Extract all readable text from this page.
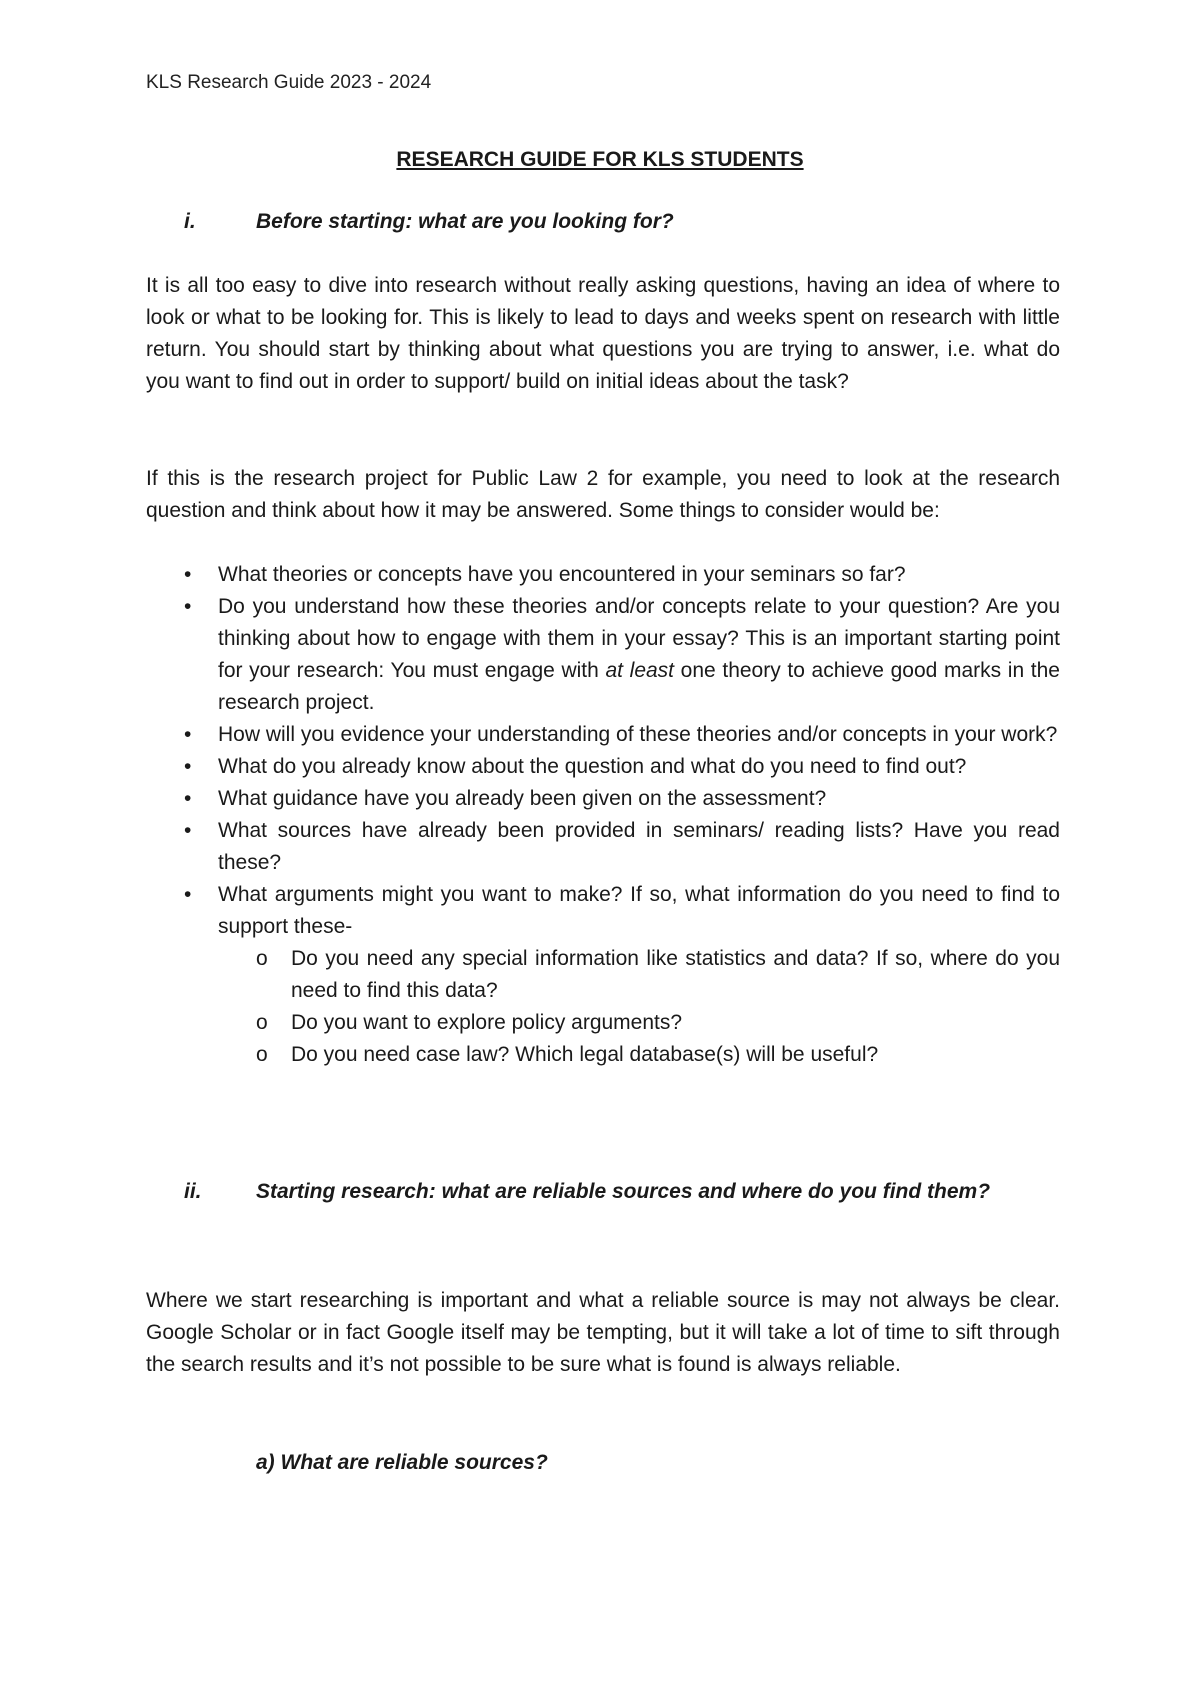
KLS Research Guide 2023 - 2024
RESEARCH GUIDE FOR KLS STUDENTS
i.	Before starting: what are you looking for?
It is all too easy to dive into research without really asking questions, having an idea of where to look or what to be looking for. This is likely to lead to days and weeks spent on research with little return. You should start by thinking about what questions you are trying to answer, i.e. what do you want to find out in order to support/ build on initial ideas about the task?
If this is the research project for Public Law 2 for example, you need to look at the research question and think about how it may be answered. Some things to consider would be:
• What theories or concepts have you encountered in your seminars so far?
• Do you understand how these theories and/or concepts relate to your question? Are you thinking about how to engage with them in your essay? This is an important starting point for your research: You must engage with at least one theory to achieve good marks in the research project.
• How will you evidence your understanding of these theories and/or concepts in your work?
• What do you already know about the question and what do you need to find out?
• What guidance have you already been given on the assessment?
• What sources have already been provided in seminars/ reading lists? Have you read these?
• What arguments might you want to make? If so, what information do you need to find to support these-
o Do you need any special information like statistics and data? If so, where do you need to find this data?
o Do you want to explore policy arguments?
o Do you need case law? Which legal database(s) will be useful?
ii.	Starting research: what are reliable sources and where do you find them?
Where we start researching is important and what a reliable source is may not always be clear. Google Scholar or in fact Google itself may be tempting, but it will take a lot of time to sift through the search results and it’s not possible to be sure what is found is always reliable.
a) What are reliable sources?
